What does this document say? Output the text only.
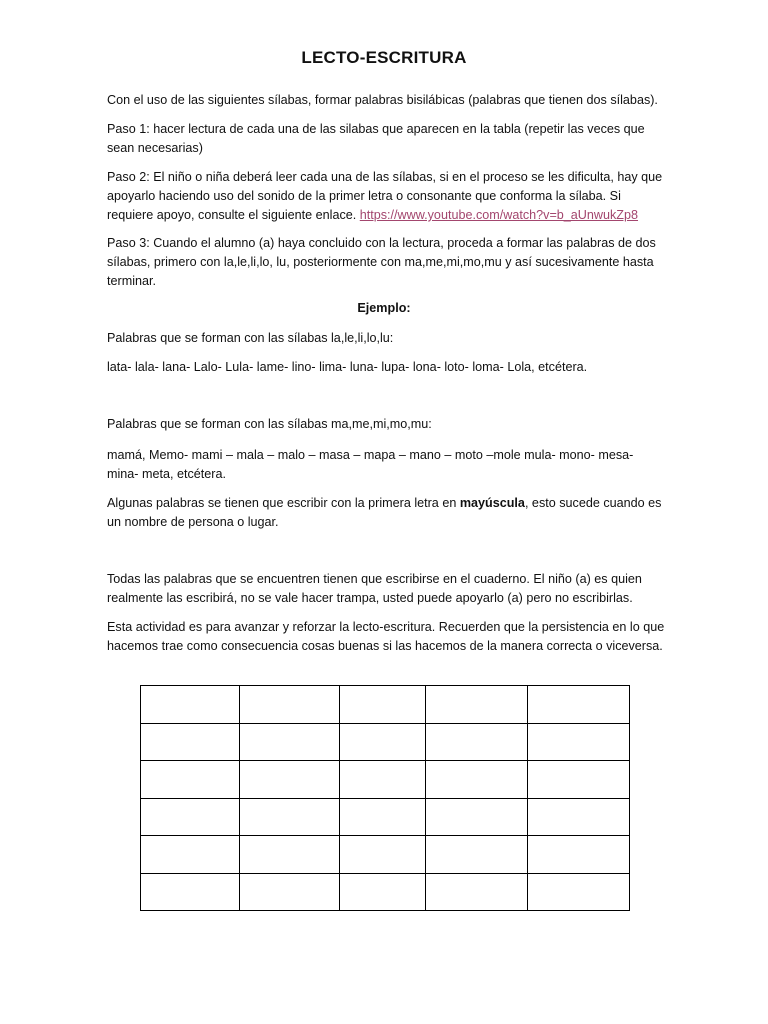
LECTO-ESCRITURA
Con el uso de las siguientes sílabas, formar palabras bisilábicas (palabras que tienen dos sílabas).
Paso 1: hacer lectura de cada una de las silabas que aparecen en la tabla (repetir las veces que
sean necesarias)
Paso 2: El niño o niña deberá leer cada una de las sílabas, si en el proceso se les dificulta, hay que
apoyarlo haciendo uso del sonido de la primer letra o consonante que conforma la sílaba. Si
requiere apoyo, consulte el siguiente enlace. https://www.youtube.com/watch?v=b_aUnwukZp8
Paso 3: Cuando el alumno (a) haya concluido con la lectura, proceda a formar las palabras de dos
sílabas, primero con la,le,li,lo, lu, posteriormente con ma,me,mi,mo,mu y así sucesivamente hasta
terminar.
Ejemplo:
Palabras que se forman con las sílabas la,le,li,lo,lu:
lata- lala- lana- Lalo- Lula- lame- lino- lima- luna- lupa- lona- loto- loma- Lola, etcétera.
Palabras que se forman con las sílabas ma,me,mi,mo,mu:
mamá, Memo- mami – mala – malo – masa – mapa – mano – moto –mole mula- mono- mesa-
mina- meta, etcétera.
Algunas palabras se tienen que escribir con la primera letra en mayúscula, esto sucede cuando es
un nombre de persona o lugar.
Todas las palabras que se encuentren tienen que escribirse en el cuaderno. El niño (a) es quien
realmente las escribirá, no se vale hacer trampa, usted puede apoyarlo (a) pero no escribirlas.
Esta actividad es para avanzar y reforzar la lecto-escritura. Recuerden que la persistencia en lo que
hacemos trae como consecuencia cosas buenas si las hacemos de la manera correcta o viceversa.
